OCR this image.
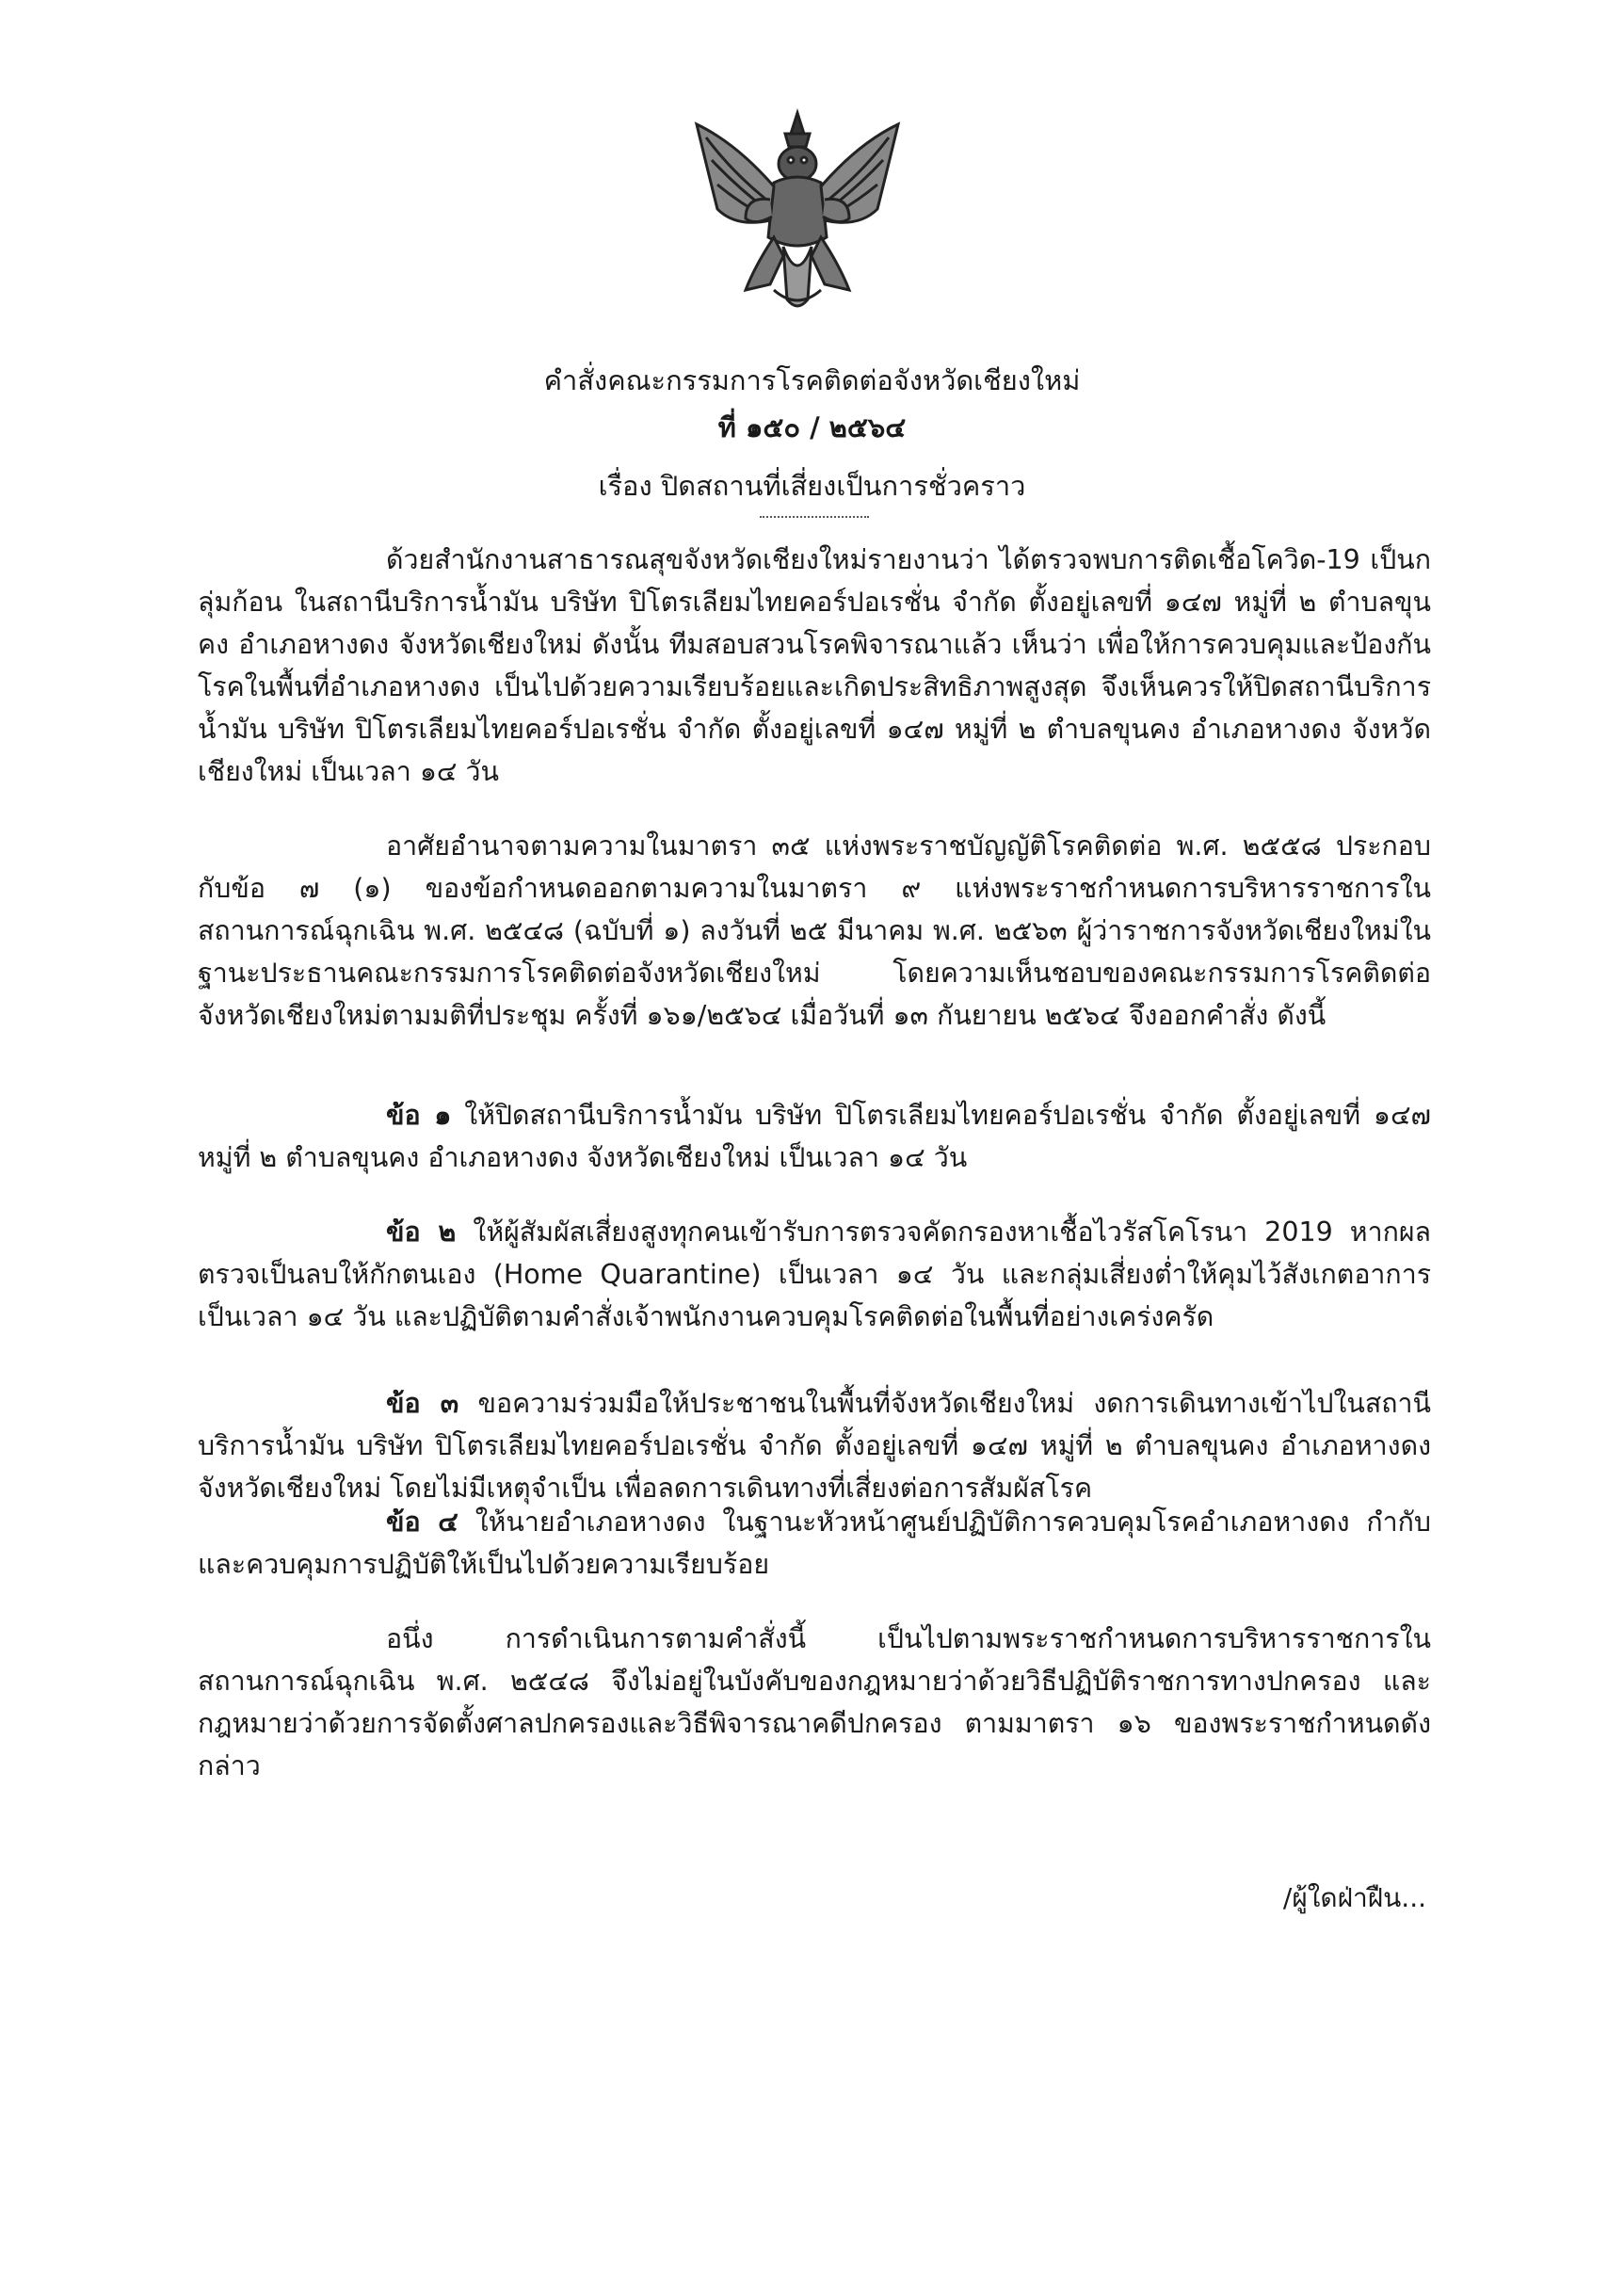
คำสั่งคณะกรรมการโรคติดต่อจังหวัดเชียงใหม่
ที่ ๑๕๐ / ๒๕๖๔
เรื่อง ปิดสถานที่เสี่ยงเป็นการชั่วคราว

ด้วยสำนักงานสาธารณสุขจังหวัดเชียงใหม่รายงานว่า ได้ตรวจพบการติดเชื้อโควิด-19 เป็นกลุ่มก้อน ในสถานีบริการน้ำมัน บริษัท ปิโตรเลียมไทยคอร์ปอเรชั่น จำกัด ตั้งอยู่เลขที่ ๑๔๗ หมู่ที่ ๒ ตำบลขุนคง อำเภอหางดง จังหวัดเชียงใหม่ ดังนั้น ทีมสอบสวนโรคพิจารณาแล้ว เห็นว่า เพื่อให้การควบคุมและป้องกันโรคในพื้นที่อำเภอหางดง เป็นไปด้วยความเรียบร้อยและเกิดประสิทธิภาพสูงสุด จึงเห็นควรให้ปิดสถานีบริการน้ำมัน บริษัท ปิโตรเลียมไทยคอร์ปอเรชั่น จำกัด ตั้งอยู่เลขที่ ๑๔๗ หมู่ที่ ๒ ตำบลขุนคง อำเภอหางดง จังหวัดเชียงใหม่ เป็นเวลา ๑๔ วัน

อาศัยอำนาจตามความในมาตรา ๓๕ แห่งพระราชบัญญัติโรคติดต่อ พ.ศ. ๒๕๕๘ ประกอบกับข้อ ๗ (๑) ของข้อกำหนดออกตามความในมาตรา ๙ แห่งพระราชกำหนดการบริหารราชการในสถานการณ์ฉุกเฉิน พ.ศ. ๒๕๔๘ (ฉบับที่ ๑) ลงวันที่ ๒๕ มีนาคม พ.ศ. ๒๕๖๓ ผู้ว่าราชการจังหวัดเชียงใหม่ในฐานะประธานคณะกรรมการโรคติดต่อจังหวัดเชียงใหม่ โดยความเห็นชอบของคณะกรรมการโรคติดต่อจังหวัดเชียงใหม่ตามมติที่ประชุม ครั้งที่ ๑๖๑/๒๕๖๔ เมื่อวันที่ ๑๓ กันยายน ๒๕๖๔ จึงออกคำสั่ง ดังนี้

ข้อ ๑ ให้ปิดสถานีบริการน้ำมัน บริษัท ปิโตรเลียมไทยคอร์ปอเรชั่น จำกัด ตั้งอยู่เลขที่ ๑๔๗ หมู่ที่ ๒ ตำบลขุนคง อำเภอหางดง จังหวัดเชียงใหม่ เป็นเวลา ๑๔ วัน

ข้อ ๒ ให้ผู้สัมผัสเสี่ยงสูงทุกคนเข้ารับการตรวจคัดกรองหาเชื้อไวรัสโคโรนา 2019 หากผลตรวจเป็นลบให้กักตนเอง (Home Quarantine) เป็นเวลา ๑๔ วัน และกลุ่มเสี่ยงต่ำให้คุมไว้สังเกตอาการ เป็นเวลา ๑๔ วัน และปฏิบัติตามคำสั่งเจ้าพนักงานควบคุมโรคติดต่อในพื้นที่อย่างเคร่งครัด

ข้อ ๓ ขอความร่วมมือให้ประชาชนในพื้นที่จังหวัดเชียงใหม่ งดการเดินทางเข้าไปในสถานีบริการน้ำมัน บริษัท ปิโตรเลียมไทยคอร์ปอเรชั่น จำกัด ตั้งอยู่เลขที่ ๑๔๗ หมู่ที่ ๒ ตำบลขุนคง อำเภอหางดง จังหวัดเชียงใหม่ โดยไม่มีเหตุจำเป็น เพื่อลดการเดินทางที่เสี่ยงต่อการสัมผัสโรค

ข้อ ๔ ให้นายอำเภอหางดง ในฐานะหัวหน้าศูนย์ปฏิบัติการควบคุมโรคอำเภอหางดง กำกับและควบคุมการปฏิบัติให้เป็นไปด้วยความเรียบร้อย

อนึ่ง การดำเนินการตามคำสั่งนี้ เป็นไปตามพระราชกำหนดการบริหารราชการในสถานการณ์ฉุกเฉิน พ.ศ. ๒๕๔๘ จึงไม่อยู่ในบังคับของกฎหมายว่าด้วยวิธีปฏิบัติราชการทางปกครอง และกฎหมายว่าด้วยการจัดตั้งศาลปกครองและวิธีพิจารณาคดีปกครอง ตามมาตรา ๑๖ ของพระราชกำหนดดังกล่าว

/ผู้ใดฝ่าฝืน...
